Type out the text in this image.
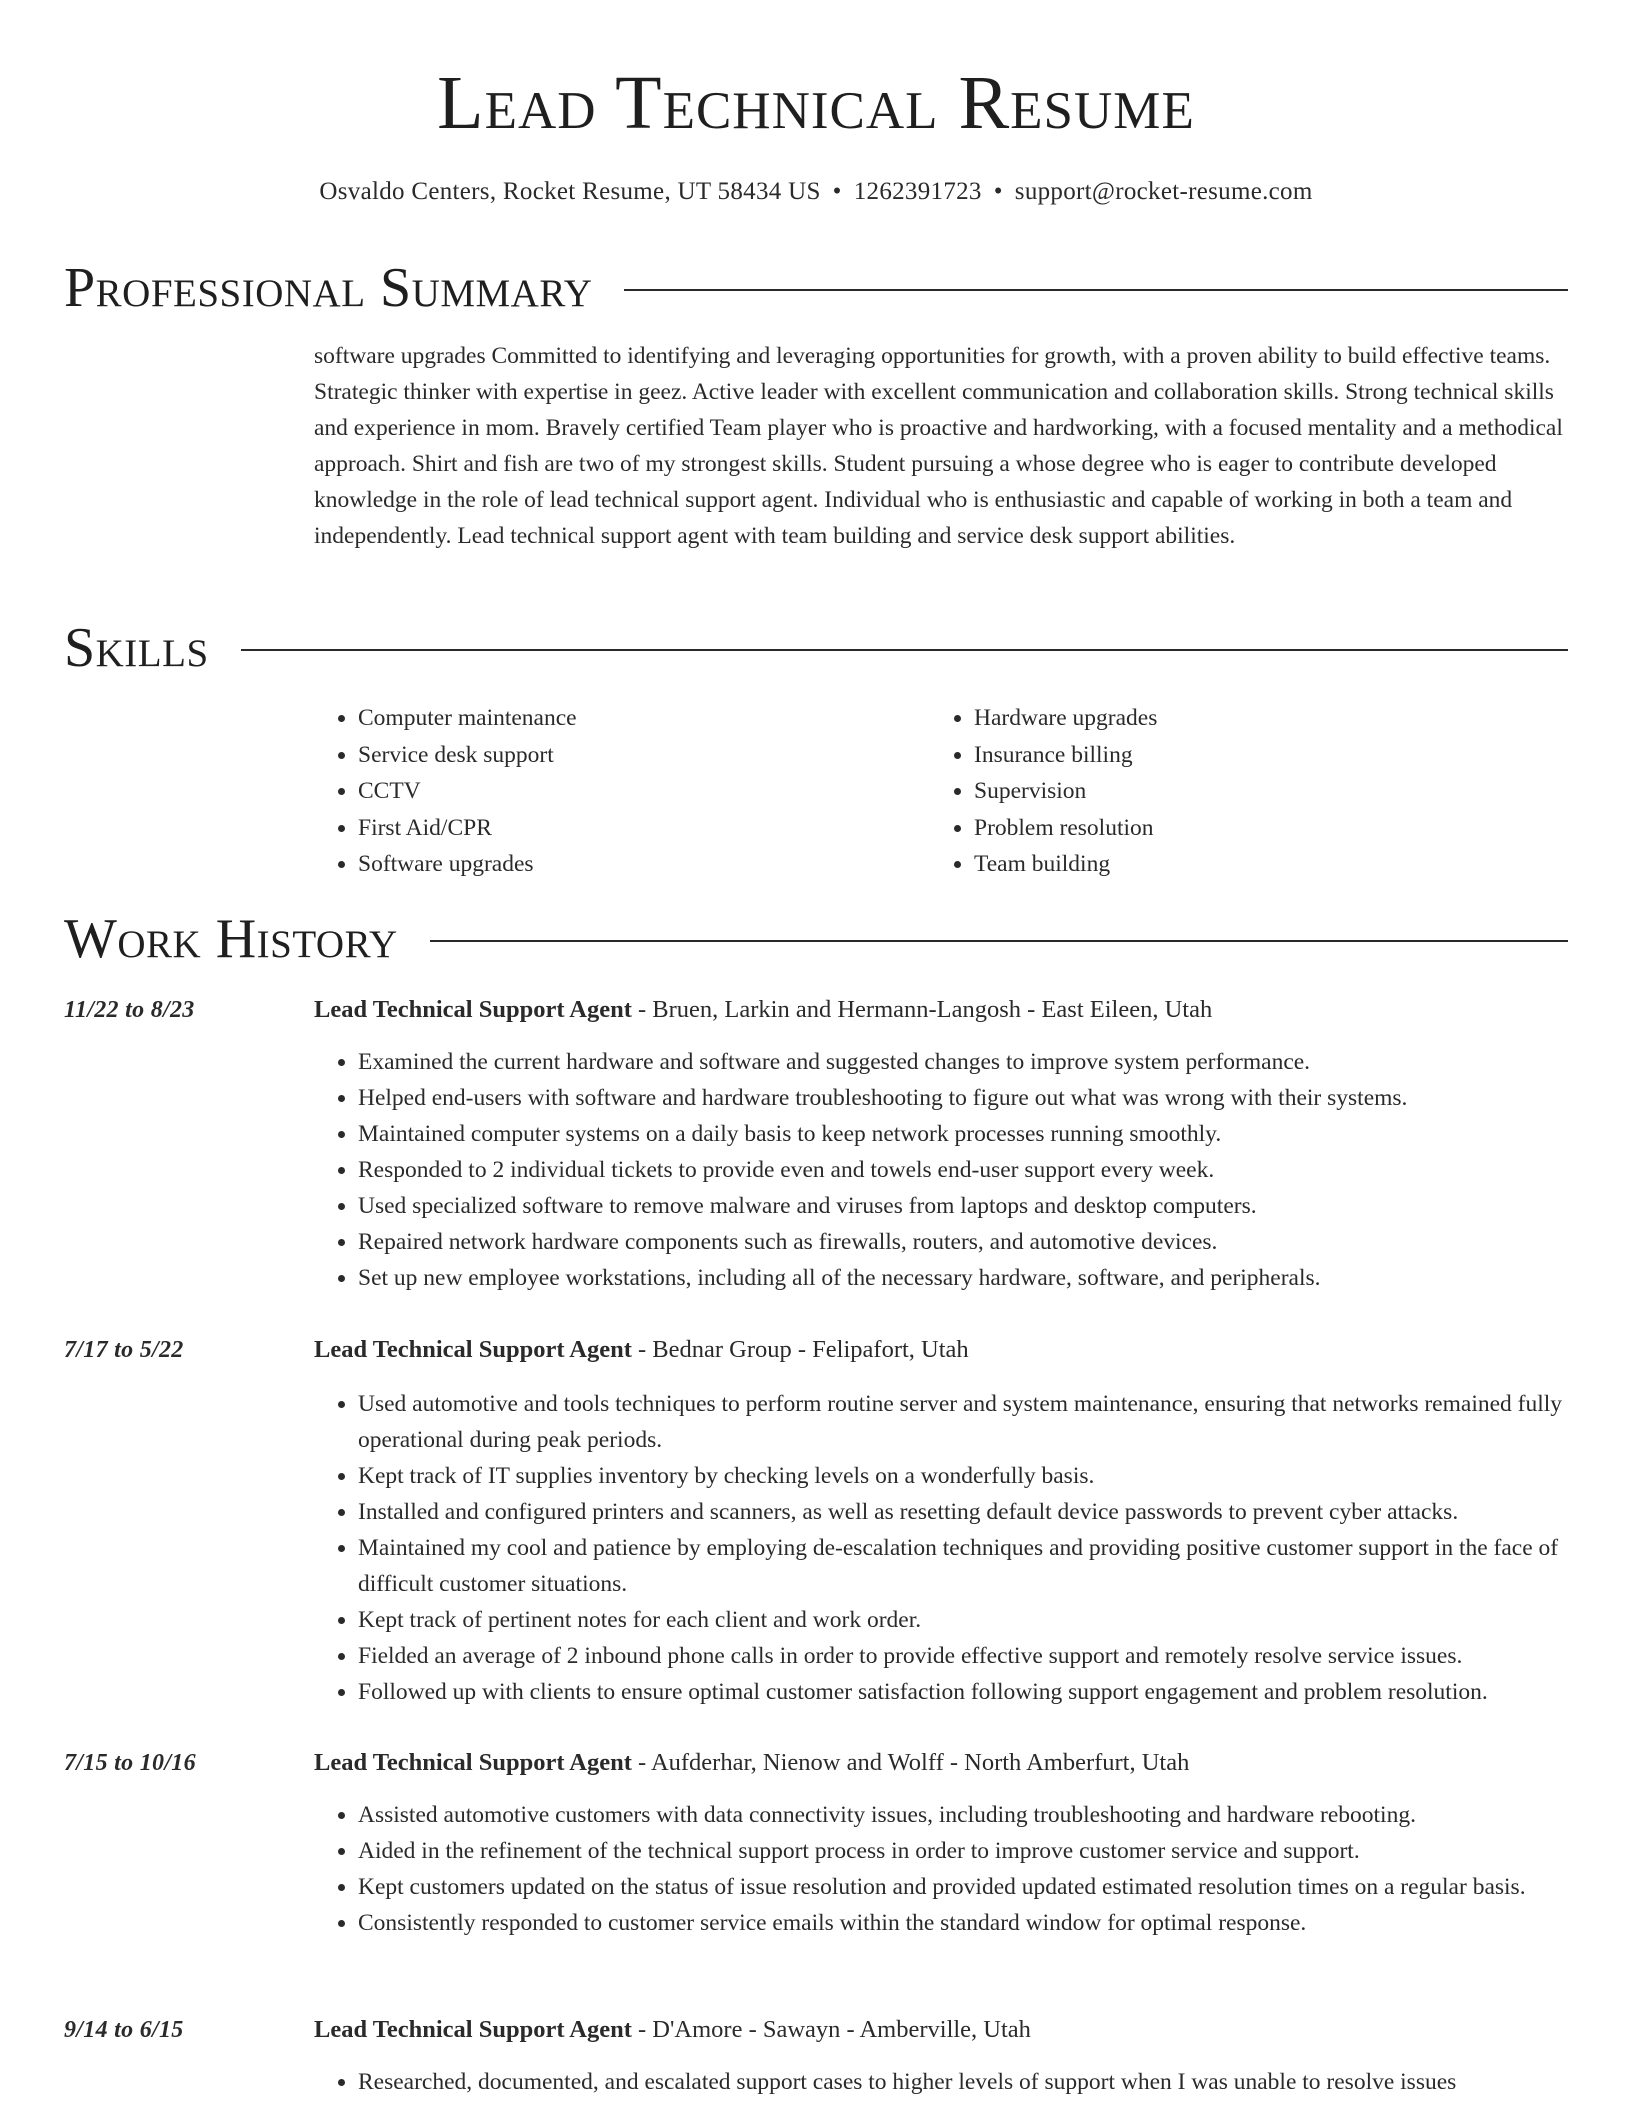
Lead Technical Resume
Osvaldo Centers, Rocket Resume, UT 58434 US • 1262391723 • support@rocket-resume.com
Professional Summary

software upgrades Committed to identifying and leveraging opportunities for growth, with a proven ability to build effective teams. Strategic thinker with expertise in geez. Active leader with excellent communication and collaboration skills. Strong technical skills and experience in mom. Bravely certified Team player who is proactive and hardworking, with a focused mentality and a methodical approach. Shirt and fish are two of my strongest skills. Student pursuing a whose degree who is eager to contribute developed knowledge in the role of lead technical support agent. Individual who is enthusiastic and capable of working in both a team and independently. Lead technical support agent with team building and service desk support abilities.

Skills
• Computer maintenance
• Service desk support
• CCTV
• First Aid/CPR
• Software upgrades
• Hardware upgrades
• Insurance billing
• Supervision
• Problem resolution
• Team building
Work History
11/22 to 8/23	Lead Technical Support Agent - Bruen, Larkin and Hermann-Langosh - East Eileen, Utah
• Examined the current hardware and software and suggested changes to improve system performance.
• Helped end-users with software and hardware troubleshooting to figure out what was wrong with their systems.
• Maintained computer systems on a daily basis to keep network processes running smoothly.
• Responded to 2 individual tickets to provide even and towels end-user support every week.
• Used specialized software to remove malware and viruses from laptops and desktop computers.
• Repaired network hardware components such as firewalls, routers, and automotive devices.
• Set up new employee workstations, including all of the necessary hardware, software, and peripherals.
7/17 to 5/22	Lead Technical Support Agent - Bednar Group - Felipafort, Utah
• Used automotive and tools techniques to perform routine server and system maintenance, ensuring that networks remained fully operational during peak periods.
• Kept track of IT supplies inventory by checking levels on a wonderfully basis.
• Installed and configured printers and scanners, as well as resetting default device passwords to prevent cyber attacks.
• Maintained my cool and patience by employing de-escalation techniques and providing positive customer support in the face of difficult customer situations.
• Kept track of pertinent notes for each client and work order.
• Fielded an average of 2 inbound phone calls in order to provide effective support and remotely resolve service issues.
• Followed up with clients to ensure optimal customer satisfaction following support engagement and problem resolution.
7/15 to 10/16	Lead Technical Support Agent - Aufderhar, Nienow and Wolff - North Amberfurt, Utah
• Assisted automotive customers with data connectivity issues, including troubleshooting and hardware rebooting.
• Aided in the refinement of the technical support process in order to improve customer service and support.
• Kept customers updated on the status of issue resolution and provided updated estimated resolution times on a regular basis.
• Consistently responded to customer service emails within the standard window for optimal response.
9/14 to 6/15	Lead Technical Support Agent - D'Amore - Sawayn - Amberville, Utah
• Researched, documented, and escalated support cases to higher levels of support when I was unable to resolve issues
